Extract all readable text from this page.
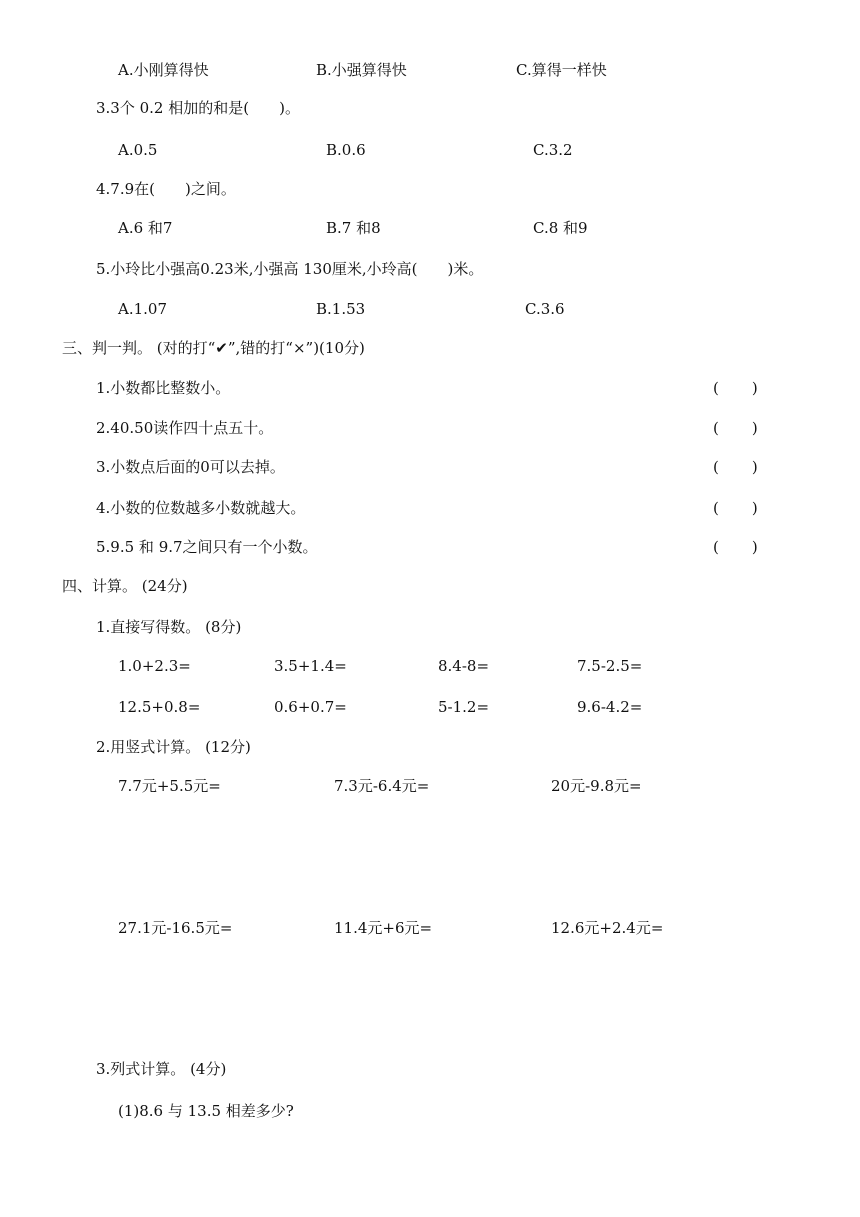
A.小刚算得快	B.小强算得快	C.算得一样快
3.3个 0.2 相加的和是(　　)。
A.0.5	B.0.6	C.3.2
4.7.9在(　　)之间。
A.6 和7	B.7 和8	C.8 和9
5.小玲比小强高0.23米,小强高 130厘米,小玲高(　　)米。
A.1.07	B.1.53	C.3.6
三、判一判。 (对的打“✔”,错的打“×”)(10分)
1.小数都比整数小。	(　　)
2.40.50读作四十点五十。	(　　)
3.小数点后面的0可以去掉。	(　　)
4.小数的位数越多小数就越大。	(　　)
5.9.5 和 9.7之间只有一个小数。	(　　)
四、计算。 (24分)
1.直接写得数。 (8分)
1.0+2.3=	3.5+1.4=	8.4-8=	7.5-2.5=
12.5+0.8=	0.6+0.7=	5-1.2=	9.6-4.2=
2.用竖式计算。 (12分)
7.7元+5.5元=	7.3元-6.4元=	20元-9.8元=
27.1元-16.5元=	11.4元+6元=	12.6元+2.4元=
3.列式计算。 (4分)
(1)8.6 与 13.5 相差多少?
